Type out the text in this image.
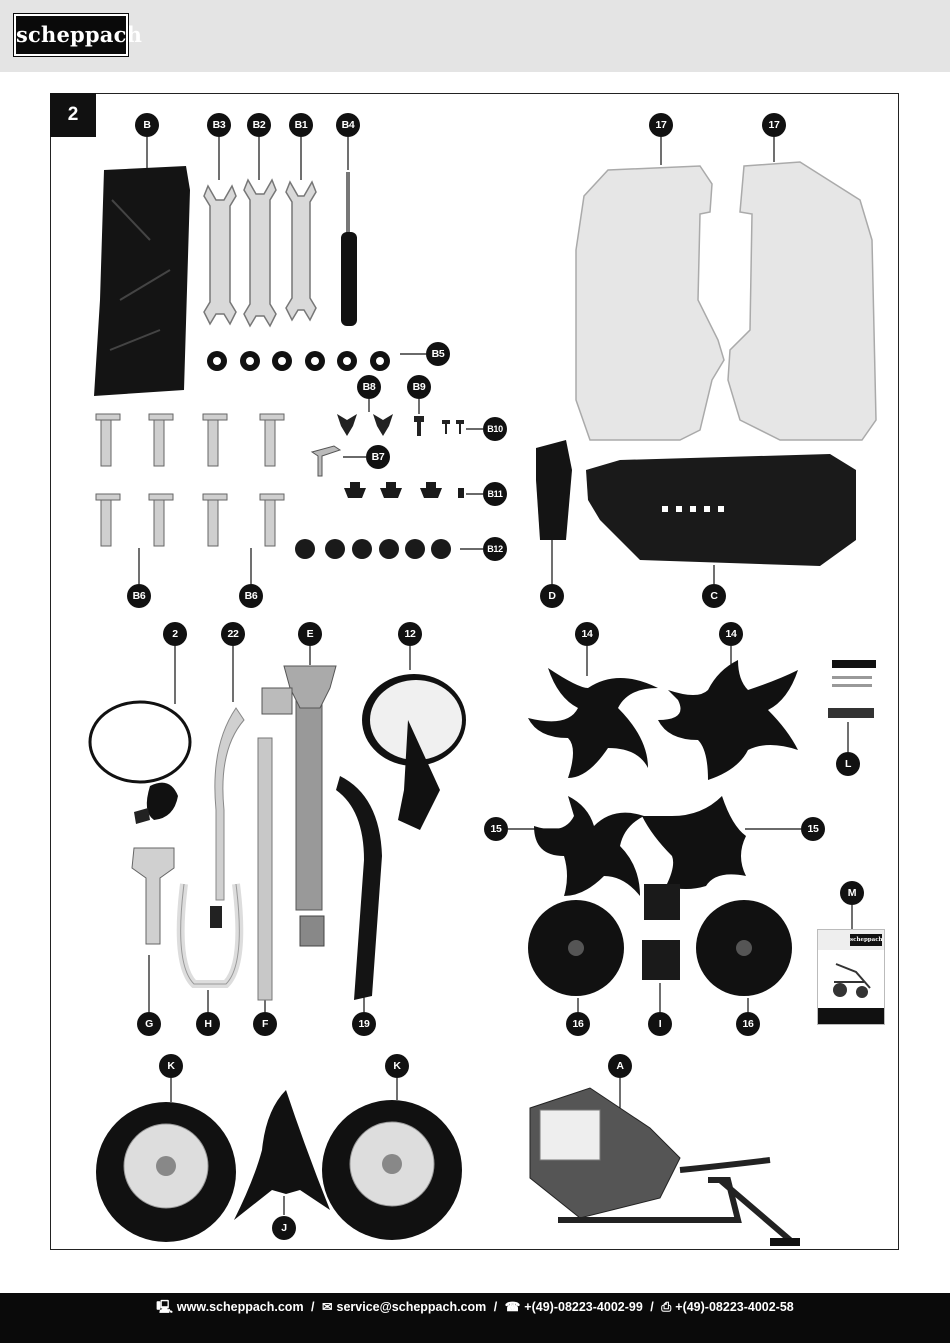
scheppach
2	B	B3	B2	B1	B4
B5
B8	B9
B10
B7
B11
B12
B6	B6
17	17
D	C
2	22	E	12	14	14
L
15	15
M
G	H	F	19	16	I	16
K	K	A
J
scheppach
🖳 www.scheppach.com / ✉ service@scheppach.com / ☎ +(49)-08223-4002-99 / ⎙ +(49)-08223-4002-58
